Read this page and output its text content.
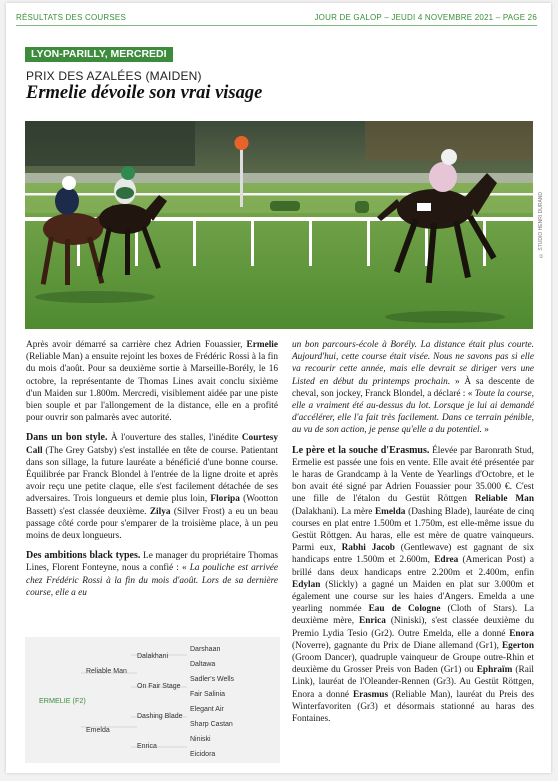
RÉSULTATS DES COURSES	JOUR DE GALOP – JEUDI 4 NOVEMBRE 2021 – PAGE 26
LYON-PARILLY, MERCREDI
PRIX DES AZALÉES (MAIDEN)
Ermelie dévoile son vrai visage
© STUDIO HENRI DURAND

Après avoir démarré sa carrière chez Adrien Fouassier, Ermelie (Reliable Man) a ensuite rejoint les boxes de Frédéric Rossi à la fin du mois d'août. Pour sa deuxième sortie à Marseille-Borély, le 16 octobre, la représentante de Thomas Lines avait conclu sixième d'un Maiden sur 1.800m. Mercredi, visiblement aidée par une piste bien souple et par l'allongement de la distance, elle en a profité pour ouvrir son palmarès avec autorité.

Dans un bon style. À l'ouverture des stalles, l'inédite Courtesy Call (The Grey Gatsby) s'est installée en tête de course. Patientant dans son sillage, la future lauréate a bénéficié d'une bonne course. Équilibrée par Franck Blondel à l'entrée de la ligne droite et après avoir reçu une petite claque, elle s'est facilement détachée de ses adversaires. Trois longueurs et demie plus loin, Floripa (Wootton Bassett) s'est classée deuxième. Zilya (Silver Frost) a eu un beau passage côté corde pour s'emparer de la troisième place, à un peu moins de deux longueurs.

Des ambitions black types. Le manager du propriétaire Thomas Lines, Florent Fonteyne, nous a confié : « La pouliche est arrivée chez Frédéric Rossi à la fin du mois d'août. Lors de sa dernière course, elle a eu

ERMELIE (F2)
Reliable Man
Emelda
Dalakhani
On Fair Stage
Dashing Blade
Enrica
Darshaan
Daltawa
Sadler's Wells
Fair Salinia
Elegant Air
Sharp Castan
Niniski
Eicidora

un bon parcours-école à Borély. La distance était plus courte. Aujourd'hui, cette course était visée. Nous ne savons pas si elle va recourir cette année, mais elle devrait se diriger vers une Listed en début du printemps prochain. » À sa descente de cheval, son jockey, Franck Blondel, a déclaré : « Toute la course, elle a vraiment été au-dessus du lot. Lorsque je lui ai demandé d'accélérer, elle l'a fait très facilement. Dans ce terrain pénible, au vu de son action, je pense qu'elle a du potentiel. »

Le père et la souche d'Erasmus. Élevée par Baronrath Stud, Ermelie est passée une fois en vente. Elle avait été présentée par le haras de Grandcamp à la Vente de Yearlings d'Octobre, et le bon avait été signé par Adrien Fouassier pour 35.000 €. C'est une fille de l'étalon du Gestüt Röttgen Reliable Man (Dalakhani). La mère Emelda (Dashing Blade), lauréate de cinq courses en plat entre 1.500m et 1.750m, est elle-même issue du Gestüt Röttgen. Au haras, elle est mère de quatre vainqueurs. Parmi eux, Rabhi Jacob (Gentlewave) est gagnant de six handicaps entre 1.500m et 2.600m, Edrea (American Post) a brillé dans deux handicaps entre 2.200m et 2.400m, enfin Edylan (Slickly) a gagné un Maiden en plat sur 3.000m et également une course sur les haies d'Angers. Emelda a une yearling nommée Eau de Cologne (Cloth of Stars). La deuxième mère, Enrica (Niniski), s'est classée deuxième du Premio Lydia Tesio (Gr2). Outre Emelda, elle a donné Enora (Noverre), gagnante du Prix de Diane allemand (Gr1), Egerton (Groom Dancer), quadruple vainqueur de Groupe outre-Rhin et deuxième du Grosser Preis von Baden (Gr1) ou Ephraïm (Rail Link), lauréat de l'Oleander-Rennen (Gr3). Au Gestüt Röttgen, Enora a donné Erasmus (Reliable Man), lauréat du Preis des Winterfavoriten (Gr3) et désormais stationné au haras des Fontaines.
